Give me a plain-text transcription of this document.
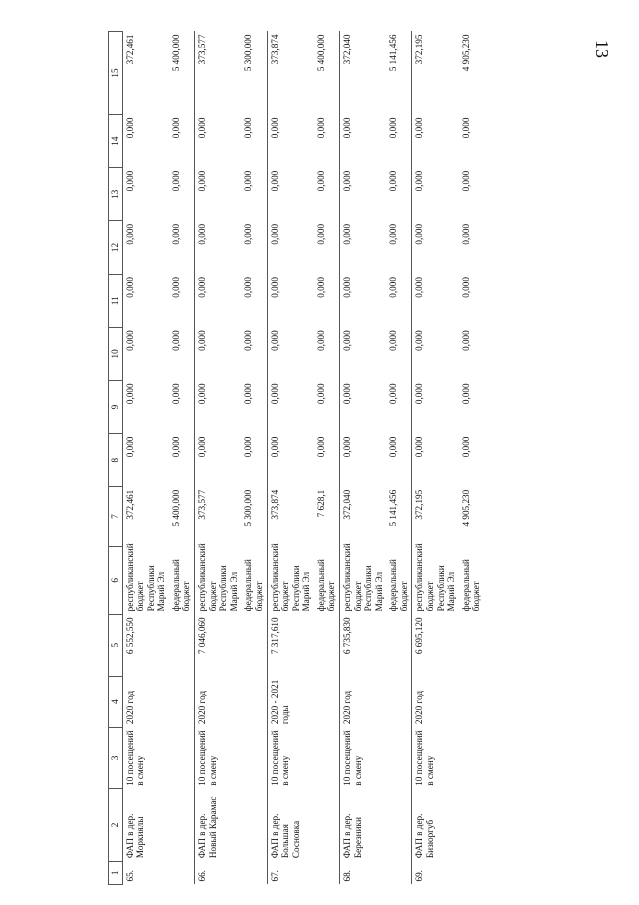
13
1	2	3	4	5	6	7	8	9	10	11	12	13	14	15
65.	ФАП в дер. Моркиялы	10 посещений в смену	2020 год	6 552,550	республиканский бюджет Республики Марий Эл	372,461	0,000	0,000	0,000	0,000	0,000	0,000	0,000	372,461
					федеральный бюджет	5 400,000	0,000	0,000	0,000	0,000	0,000	0,000	0,000	5 400,000
66.	ФАП в дер. Новый Карамас	10 посещений в смену	2020 год	7 046,060	республиканский бюджет Республики Марий Эл	373,577	0,000	0,000	0,000	0,000	0,000	0,000	0,000	373,577
					федеральный бюджет	5 300,000	0,000	0,000	0,000	0,000	0,000	0,000	0,000	5 300,000
67.	ФАП в дер. Большая Сосновка	10 посещений в смену	2020 - 2021 годы	7 317,610	республиканский бюджет Республики Марий Эл	373,874	0,000	0,000	0,000	0,000	0,000	0,000	0,000	373,874
					федеральный бюджет	7 628,1	0,000	0,000	0,000	0,000	0,000	0,000	0,000	5 400,000
68.	ФАП в дер. Березники	10 посещений в смену	2020 год	6 735,830	республиканский бюджет Республики Марий Эл	372,040	0,000	0,000	0,000	0,000	0,000	0,000	0,000	372,040
					федеральный бюджет	5 141,456	0,000	0,000	0,000	0,000	0,000	0,000	0,000	5 141,456
69.	ФАП в дер. Бизюргуб	10 посещений в смену	2020 год	6 695,120	республиканский бюджет Республики Марий Эл	372,195	0,000	0,000	0,000	0,000	0,000	0,000	0,000	372,195
					федеральный бюджет	4 905,230	0,000	0,000	0,000	0,000	0,000	0,000	0,000	4 905,230
